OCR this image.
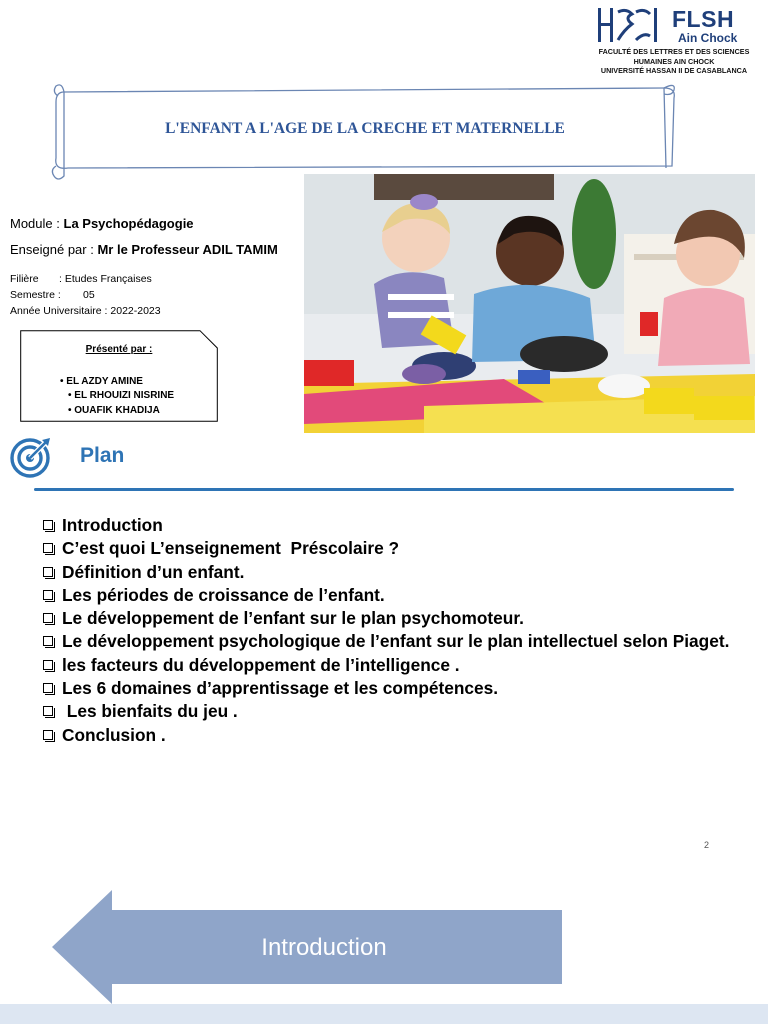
FLSH
Ain Chock
FACULTÉ DES LETTRES ET DES SCIENCES
HUMAINES AIN CHOCK
UNIVERSITÉ HASSAN II DE CASABLANCA
L'ENFANT A L'AGE DE LA CRECHE ET MATERNELLE
Module : La Psychopédagogie
Enseigné par : Mr le Professeur ADIL TAMIM
Filière : Etudes Françaises
Semestre : 05
Année Universitaire : 2022-2023
Présenté par :
• EL AZDY AMINE
• EL RHOUIZI NISRINE
• OUAFIK KHADIJA
Plan
Introduction
C’est quoi L’enseignement  Préscolaire ?
Définition d’un enfant.
Les périodes de croissance de l’enfant.
Le développement de l’enfant sur le plan psychomoteur.
Le développement psychologique de l’enfant sur le plan intellectuel selon Piaget.
les facteurs du développement de l’intelligence .
Les 6 domaines d’apprentissage et les compétences.
Les bienfaits du jeu .
Conclusion .
2
Introduction
